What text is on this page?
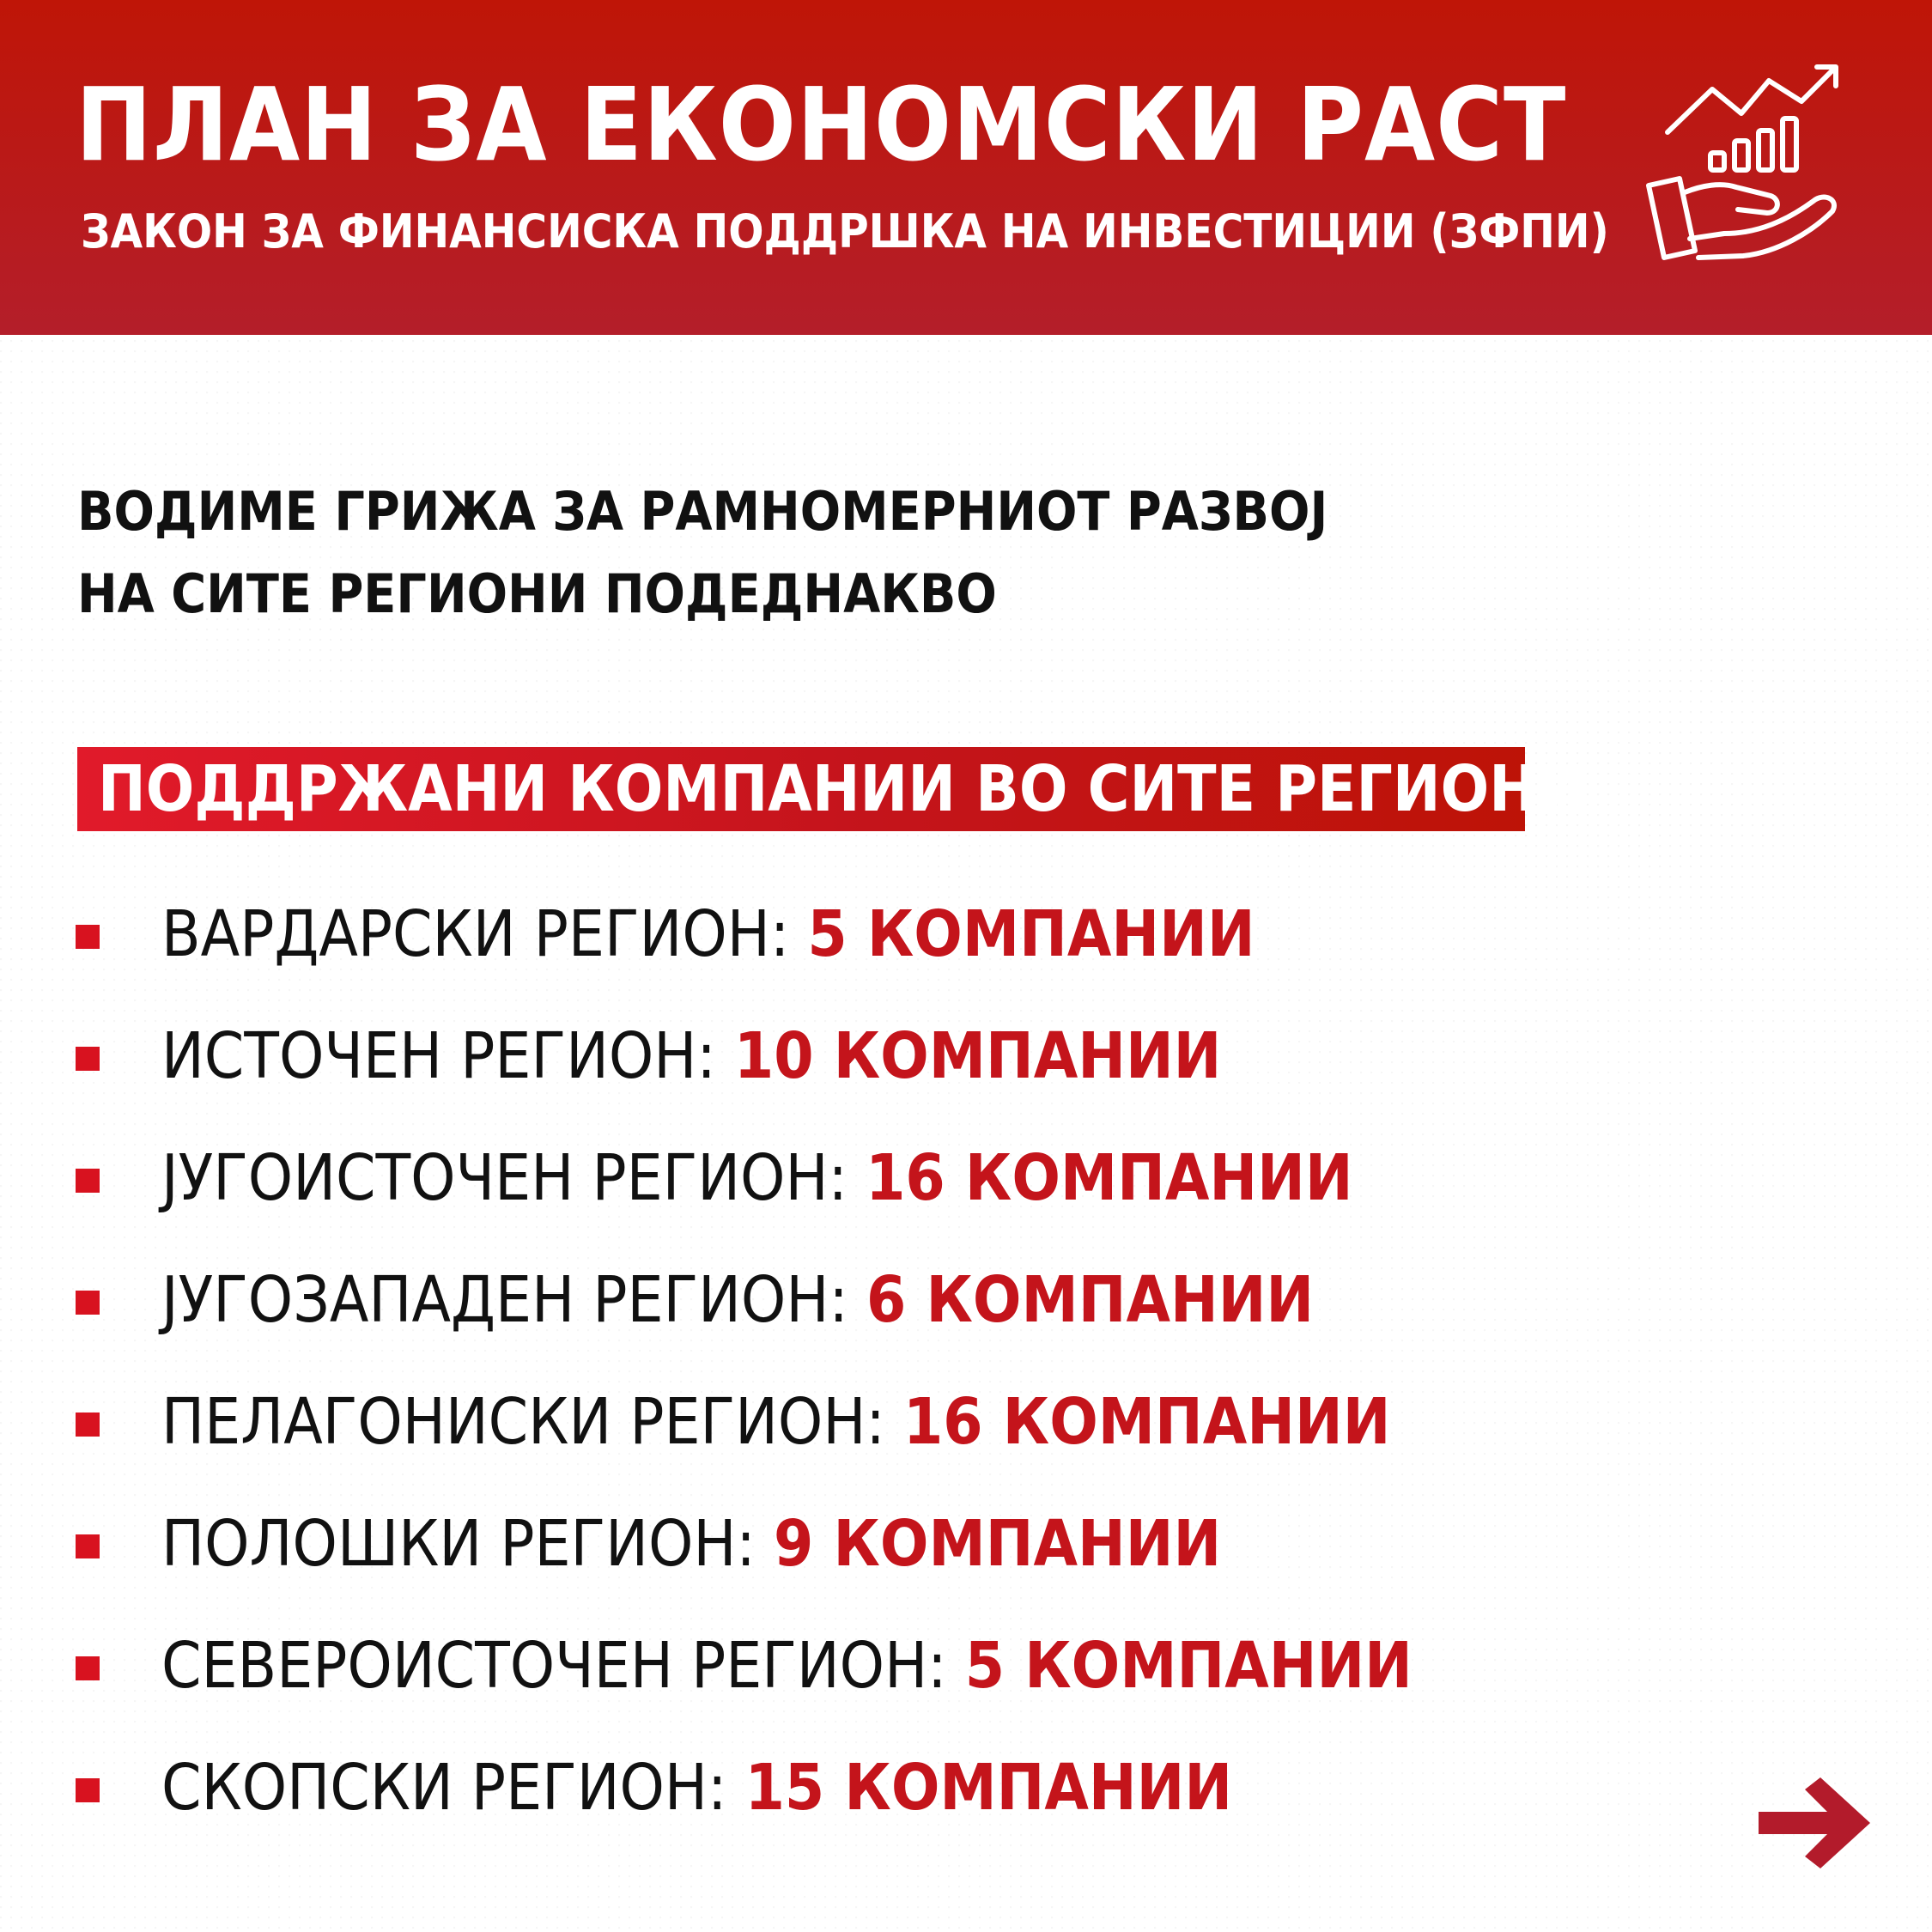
ПЛАН ЗА ЕКОНОМСКИ РАСТ
ЗАКОН ЗА ФИНАНСИСКА ПОДДРШКА НА ИНВЕСТИЦИИ (ЗФПИ)
ВОДИМЕ ГРИЖА ЗА РАМНОМЕРНИОТ РАЗВОЈ
НА СИТЕ РЕГИОНИ ПОДЕДНАКВО
ПОДДРЖАНИ КОМПАНИИ ВО СИТЕ РЕГИОНИ
ВАРДАРСКИ РЕГИОН: 5 КОМПАНИИ
ИСТОЧЕН РЕГИОН: 10 КОМПАНИИ
ЈУГОИСТОЧЕН РЕГИОН: 16 КОМПАНИИ
ЈУГОЗАПАДЕН РЕГИОН: 6 КОМПАНИИ
ПЕЛАГОНИСКИ РЕГИОН: 16 КОМПАНИИ
ПОЛОШКИ РЕГИОН: 9 КОМПАНИИ
СЕВЕРОИСТОЧЕН РЕГИОН: 5 КОМПАНИИ
СКОПСКИ РЕГИОН: 15 КОМПАНИИ
